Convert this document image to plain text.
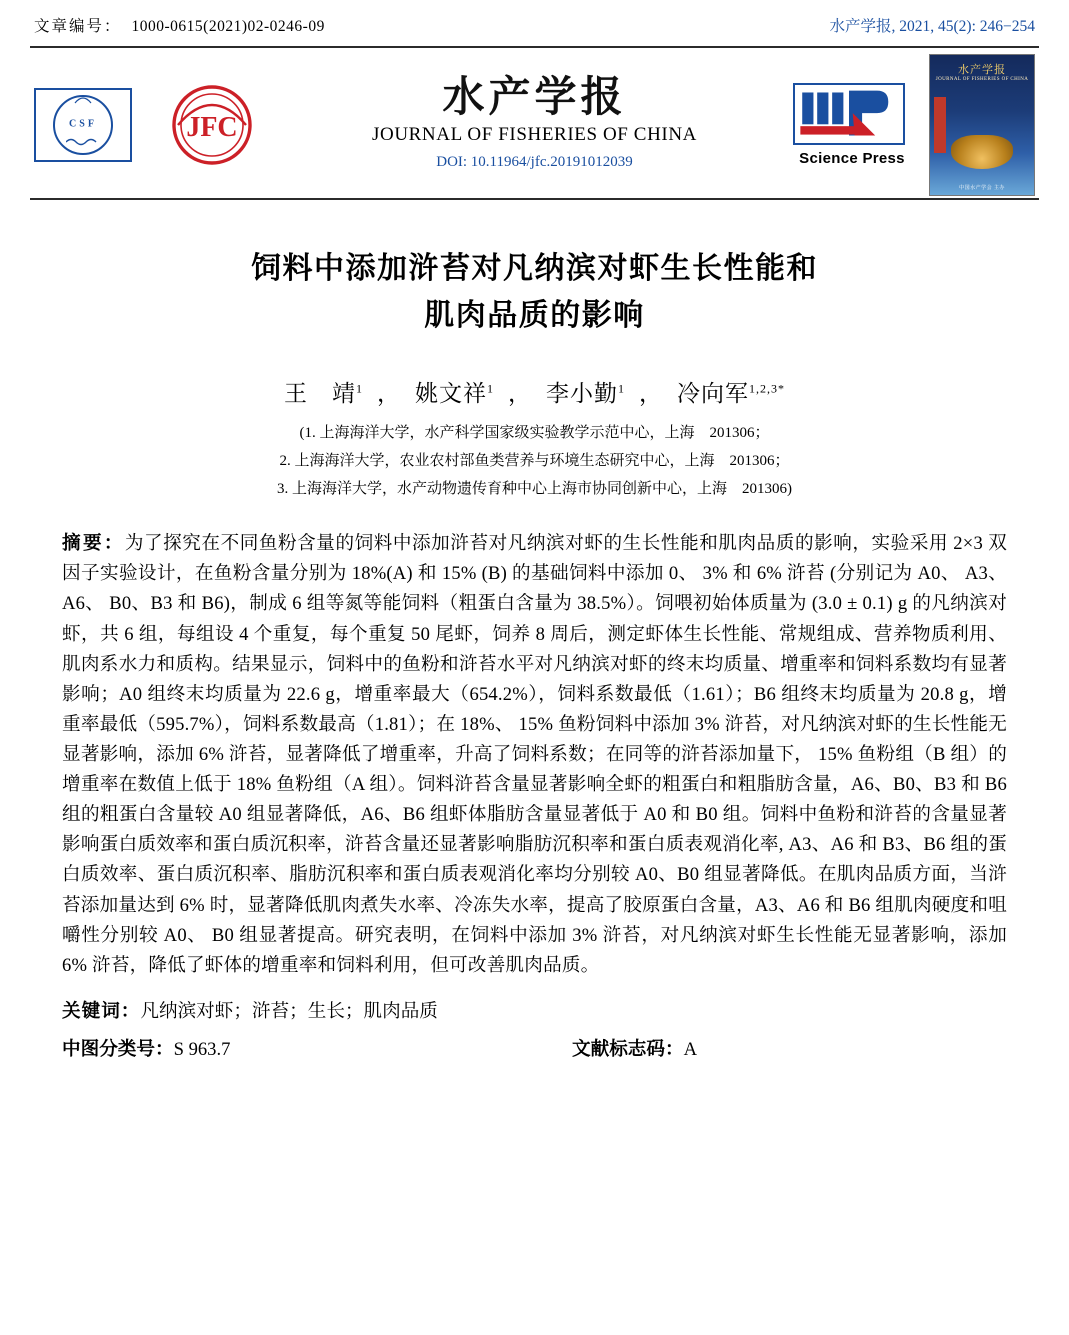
文章编号： 1000-0615(2021)02-0246-09	水产学报, 2021, 45(2): 246−254
CSF	JFC
水产学报
JOURNAL OF FISHERIES OF CHINA
DOI: 10.11964/jfc.20191012039	Science Press
水产学报
JOURNAL OF FISHERIES OF CHINA
中国水产学会 主办
饲料中添加浒苔对凡纳滨对虾生长性能和
肌肉品质的影响
王　靖$^1$ ， 姚文祥$^1$ ， 李小勤$^1$ ， 冷向军$^{1,2,3*}$
(1. 上海海洋大学，水产科学国家级实验教学示范中心，上海　201306；
2. 上海海洋大学，农业农村部鱼类营养与环境生态研究中心，上海　201306；
3. 上海海洋大学，水产动物遗传育种中心上海市协同创新中心，上海　201306)
摘要：为了探究在不同鱼粉含量的饲料中添加浒苔对凡纳滨对虾的生长性能和肌肉品质的影响，实验采用 2×3 双因子实验设计，在鱼粉含量分别为 18%(A) 和 15% (B) 的基础饲料中添加 0、 3% 和 6% 浒苔 (分别记为 A0、 A3、 A6、 B0、B3 和 B6)，制成 6 组等氮等能饲料（粗蛋白含量为 38.5%）。饲喂初始体质量为 (3.0 ± 0.1) g 的凡纳滨对虾，共 6 组，每组设 4 个重复，每个重复 50 尾虾，饲养 8 周后，测定虾体生长性能、常规组成、营养物质利用、肌肉系水力和质构。结果显示，饲料中的鱼粉和浒苔水平对凡纳滨对虾的终末均质量、增重率和饲料系数均有显著影响；A0 组终末均质量为 22.6 g，增重率最大（654.2%），饲料系数最低（1.61）；B6 组终末均质量为 20.8 g，增重率最低（595.7%），饲料系数最高（1.81）；在 18%、 15% 鱼粉饲料中添加 3% 浒苔，对凡纳滨对虾的生长性能无显著影响，添加 6% 浒苔，显著降低了增重率，升高了饲料系数；在同等的浒苔添加量下， 15% 鱼粉组（B 组）的增重率在数值上低于 18% 鱼粉组（A 组）。饲料浒苔含量显著影响全虾的粗蛋白和粗脂肪含量，A6、B0、B3 和 B6 组的粗蛋白含量较 A0 组显著降低，A6、B6 组虾体脂肪含量显著低于 A0 和 B0 组。饲料中鱼粉和浒苔的含量显著影响蛋白质效率和蛋白质沉积率，浒苔含量还显著影响脂肪沉积率和蛋白质表观消化率, A3、A6 和 B3、B6 组的蛋白质效率、蛋白质沉积率、脂肪沉积率和蛋白质表观消化率均分别较 A0、B0 组显著降低。在肌肉品质方面，当浒苔添加量达到 6% 时，显著降低肌肉煮失水率、冷冻失水率，提高了胶原蛋白含量，A3、A6 和 B6 组肌肉硬度和咀嚼性分别较 A0、 B0 组显著提高。研究表明，在饲料中添加 3% 浒苔，对凡纳滨对虾生长性能无显著影响，添加 6% 浒苔，降低了虾体的增重率和饲料利用，但可改善肌肉品质。
关键词：凡纳滨对虾；浒苔；生长；肌肉品质
中图分类号：S 963.7	文献标志码：A
